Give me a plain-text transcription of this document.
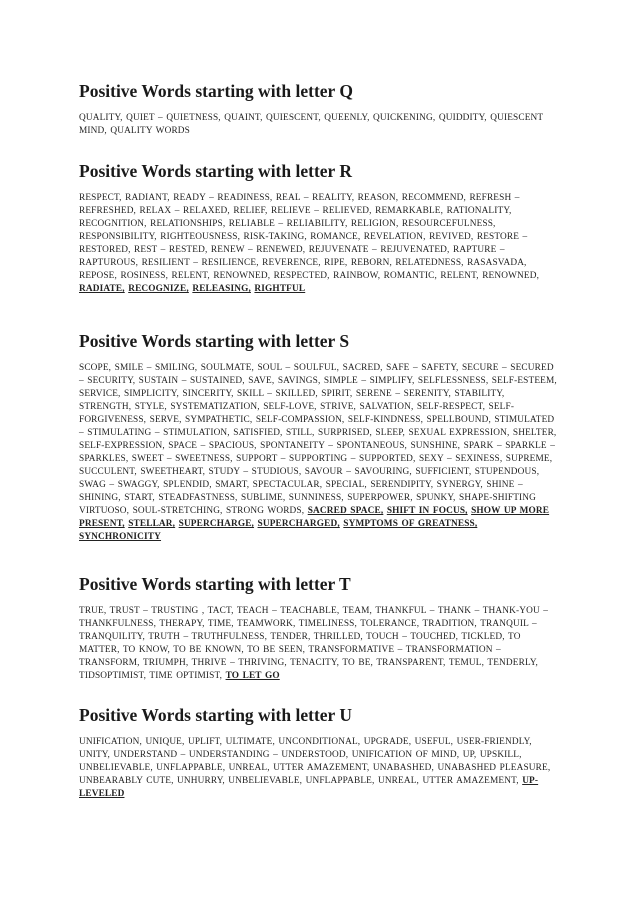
Positive Words starting with letter Q

QUALITY, QUIET – QUIETNESS, QUAINT, QUIESCENT, QUEENLY, QUICKENING, QUIDDITY, QUIESCENT MIND, QUALITY WORDS

Positive Words starting with letter R

RESPECT, RADIANT, READY – READINESS, REAL – REALITY, REASON, RECOMMEND, REFRESH – REFRESHED, RELAX – RELAXED, RELIEF, RELIEVE – RELIEVED, REMARKABLE, RATIONALITY, RECOGNITION, RELATIONSHIPS, RELIABLE – RELIABILITY, RELIGION, RESOURCEFULNESS, RESPONSIBILITY, RIGHTEOUSNESS, RISK-TAKING, ROMANCE, REVELATION, REVIVED, RESTORE – RESTORED, REST – RESTED, RENEW – RENEWED, REJUVENATE – REJUVENATED, RAPTURE – RAPTUROUS, RESILIENT – RESILIENCE, REVERENCE, RIPE, REBORN, RELATEDNESS, RASASVADA, REPOSE, ROSINESS, RELENT, RENOWNED, RESPECTED, RAINBOW, ROMANTIC, RELENT, RENOWNED, RADIATE, RECOGNIZE, RELEASING, RIGHTFUL

Positive Words starting with letter S

SCOPE, SMILE – SMILING, SOULMATE, SOUL – SOULFUL, SACRED, SAFE – SAFETY, SECURE – SECURED – SECURITY, SUSTAIN – SUSTAINED, SAVE, SAVINGS, SIMPLE – SIMPLIFY, SELFLESSNESS, SELF-ESTEEM, SERVICE, SIMPLICITY, SINCERITY, SKILL – SKILLED, SPIRIT, SERENE – SERENITY, STABILITY, STRENGTH, STYLE, SYSTEMATIZATION, SELF-LOVE, STRIVE, SALVATION, SELF-RESPECT, SELF-FORGIVENESS, SERVE, SYMPATHETIC, SELF-COMPASSION, SELF-KINDNESS, SPELLBOUND, STIMULATED – STIMULATING – STIMULATION, SATISFIED, STILL, SURPRISED, SLEEP, SEXUAL EXPRESSION, SHELTER, SELF-EXPRESSION, SPACE – SPACIOUS, SPONTANEITY – SPONTANEOUS, SUNSHINE, SPARK – SPARKLE – SPARKLES, SWEET – SWEETNESS, SUPPORT – SUPPORTING – SUPPORTED, SEXY – SEXINESS, SUPREME, SUCCULENT, SWEETHEART, STUDY – STUDIOUS, SAVOUR – SAVOURING, SUFFICIENT, STUPENDOUS, SWAG – SWAGGY, SPLENDID, SMART, SPECTACULAR, SPECIAL, SERENDIPITY, SYNERGY, SHINE – SHINING, START, STEADFASTNESS, SUBLIME, SUNNINESS, SUPERPOWER, SPUNKY, SHAPE-SHIFTING VIRTUOSO, SOUL-STRETCHING, STRONG WORDS, SACRED SPACE, SHIFT IN FOCUS, SHOW UP MORE PRESENT, STELLAR, SUPERCHARGE, SUPERCHARGED, SYMPTOMS OF GREATNESS, SYNCHRONICITY

Positive Words starting with letter T

TRUE, TRUST – TRUSTING , TACT, TEACH – TEACHABLE, TEAM, THANKFUL – THANK – THANK-YOU – THANKFULNESS, THERAPY, TIME, TEAMWORK, TIMELINESS, TOLERANCE, TRADITION, TRANQUIL – TRANQUILITY, TRUTH – TRUTHFULNESS, TENDER, THRILLED, TOUCH – TOUCHED, TICKLED, TO MATTER, TO KNOW, TO BE KNOWN, TO BE SEEN, TRANSFORMATIVE – TRANSFORMATION – TRANSFORM, TRIUMPH, THRIVE – THRIVING, TENACITY, TO BE, TRANSPARENT, TEMUL, TENDERLY, TIDSOPTIMIST, TIME OPTIMIST, TO LET GO

Positive Words starting with letter U

UNIFICATION, UNIQUE, UPLIFT, ULTIMATE, UNCONDITIONAL, UPGRADE, USEFUL, USER-FRIENDLY, UNITY, UNDERSTAND – UNDERSTANDING – UNDERSTOOD, UNIFICATION OF MIND, UP, UPSKILL, UNBELIEVABLE, UNFLAPPABLE, UNREAL, UTTER AMAZEMENT, UNABASHED, UNABASHED PLEASURE, UNBEARABLY CUTE, UNHURRY, UNBELIEVABLE, UNFLAPPABLE, UNREAL, UTTER AMAZEMENT, UP-LEVELED
